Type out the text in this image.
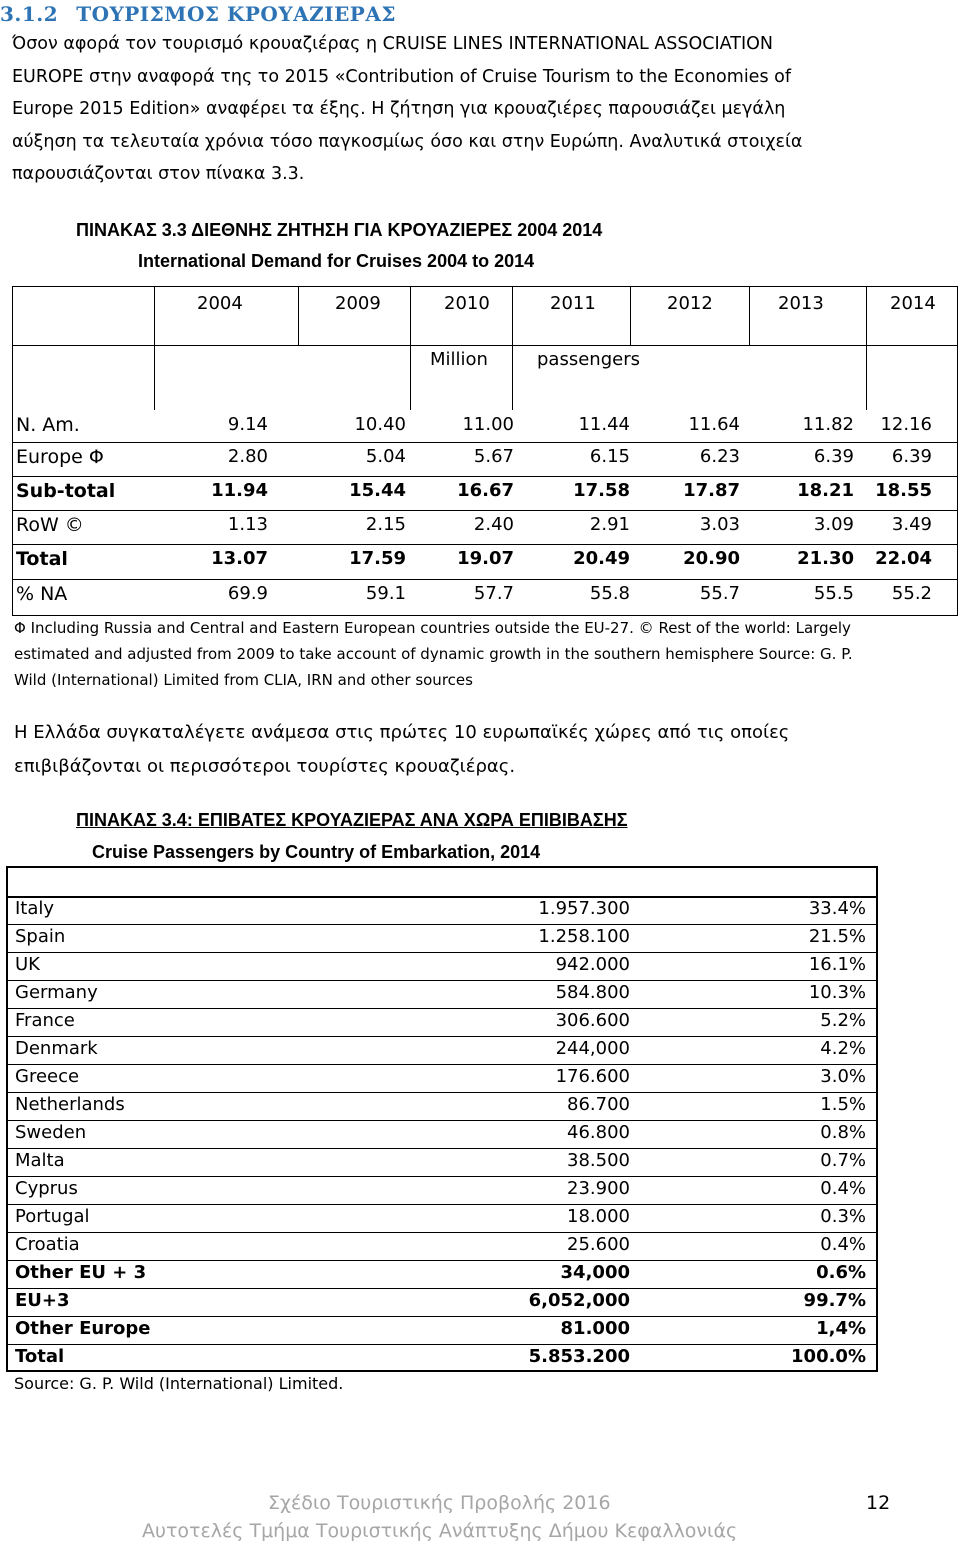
3.1.2 ΤΟΥΡΙΣΜΟΣ ΚΡΟΥΑΖΙΕΡΑΣ
Όσον αφορά τον τουρισμό κρουαζιέρας η CRUISE LINES INTERNATIONAL ASSOCIATION
EUROPE στην αναφορά της το 2015 «Contribution of Cruise Tourism to the Economies of
Europe 2015 Edition» αναφέρει τα έξης. Η ζήτηση για κρουαζιέρες παρουσιάζει μεγάλη
αύξηση τα τελευταία χρόνια τόσο παγκοσμίως όσο και στην Ευρώπη. Αναλυτικά στοιχεία
παρουσιάζονται στον πίνακα 3.3.
ΠΙΝΑΚΑΣ 3.3 ΔΙΕΘΝΗΣ ΖΗΤΗΣΗ ΓΙΑ ΚΡΟΥΑΖΙΕΡΕΣ 2004 2014
International Demand for Cruises 2004 to 2014
2004	2009	2010	2011	2012	2013	2014
Million	passengers
N. Am.	9.14	10.40	11.00	11.44	11.64	11.82 12.16
Europe Φ	2.80	5.04	5.67	6.15	6.23	6.39 6.39
Sub-total	11.94	15.44	16.67	17.58	17.87	18.21 18.55
RoW ©	1.13	2.15	2.40	2.91	3.03	3.09 3.49
Total	13.07	17.59	19.07	20.49	20.90	21.30 22.04
% NA	69.9	59.1	57.7	55.8	55.7	55.5 55.2
Φ Including Russia and Central and Eastern European countries outside the EU-27. © Rest of the world: Largely
estimated and adjusted from 2009 to take account of dynamic growth in the southern hemisphere Source: G. P.
Wild (International) Limited from CLIA, IRN and other sources
Η Ελλάδα συγκαταλέγετε ανάμεσα στις πρώτες 10 ευρωπαϊκές χώρες από τις οποίες
επιβιβάζονται οι περισσότεροι τουρίστες κρουαζιέρας.
ΠΙΝΑΚΑΣ 3.4: ΕΠΙΒΑΤΕΣ ΚΡΟΥΑΖΙΕΡΑΣ ΑΝΑ ΧΩΡΑ ΕΠΙΒΙΒΑΣΗΣ
Cruise Passengers by Country of Embarkation, 2014
Italy	1.957.300	33.4%
Spain	1.258.100	21.5%
UK	942.000	16.1%
Germany	584.800	10.3%
France	306.600	5.2%
Denmark	244,000	4.2%
Greece	176.600	3.0%
Netherlands	86.700	1.5%
Sweden	46.800	0.8%
Malta	38.500	0.7%
Cyprus	23.900	0.4%
Portugal	18.000	0.3%
Croatia	25.600	0.4%
Other EU + 3	34,000	0.6%
EU+3	6,052,000	99.7%
Other Europe	81.000	1,4%
Total	5.853.200	100.0%
Source: G. P. Wild (International) Limited.
Σχέδιο Τουριστικής Προβολής 2016	12
Αυτοτελές Τμήμα Τουριστικής Ανάπτυξης Δήμου Κεφαλλονιάς
